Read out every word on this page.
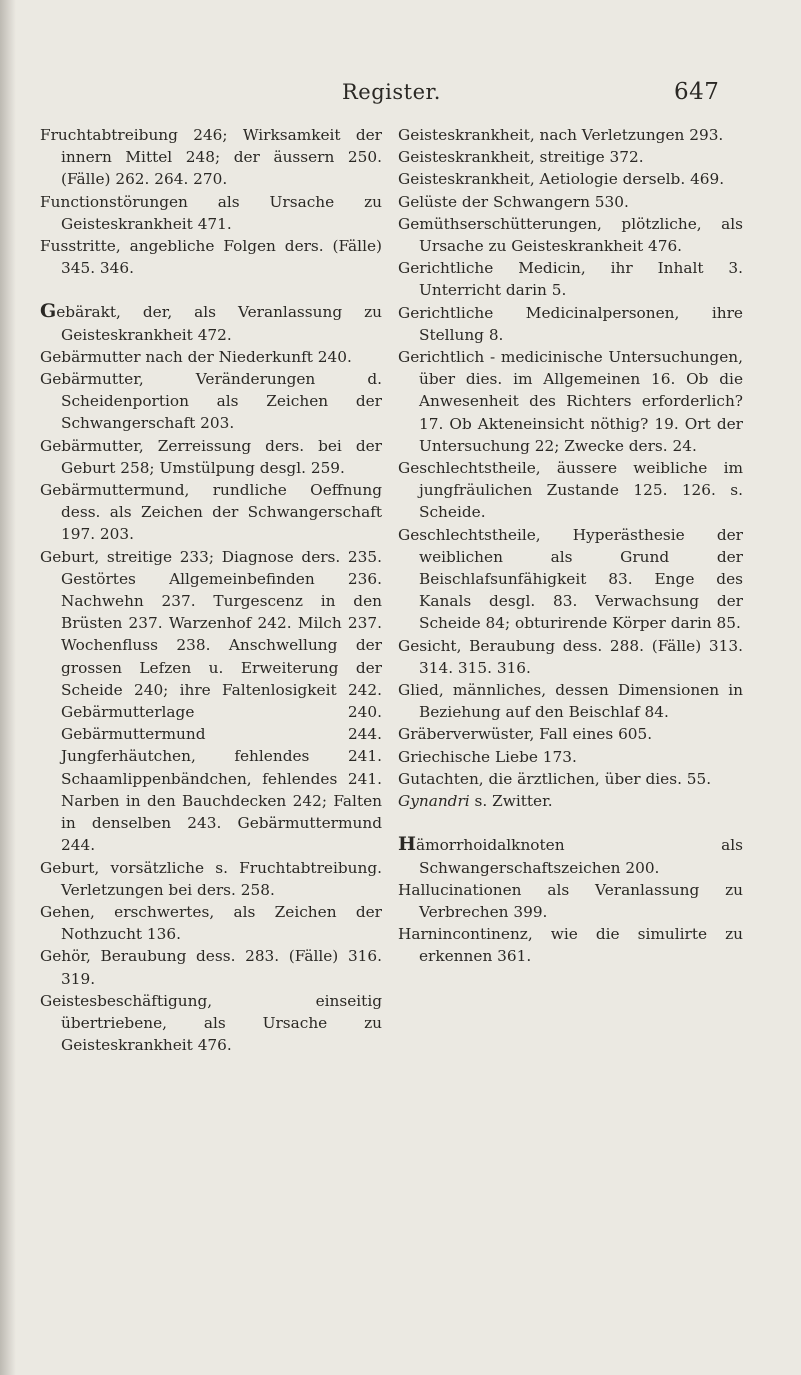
Register.	647

Fruchtabtreibung 246; Wirksamkeit der innern Mittel 248; der äussern 250. (Fälle) 262. 264. 270.

Functionstörungen als Ursache zu Geisteskrankheit 471.

Fusstritte, angebliche Folgen ders. (Fälle) 345. 346.

Gebärakt, der, als Veranlassung zu Geisteskrankheit 472.

Gebärmutter nach der Niederkunft 240.

Gebärmutter, Veränderungen d. Scheidenportion als Zeichen der Schwangerschaft 203.

Gebärmutter, Zerreissung ders. bei der Geburt 258; Umstülpung desgl. 259.

Gebärmuttermund, rundliche Oeffnung dess. als Zeichen der Schwangerschaft 197. 203.

Geburt, streitige 233; Diagnose ders. 235. Gestörtes Allgemeinbefinden 236. Nachwehn 237. Turgescenz in den Brüsten 237. Warzenhof 242. Milch 237. Wochenfluss 238. Anschwellung der grossen Lefzen u. Erweiterung der Scheide 240; ihre Faltenlosigkeit 242. Gebärmutterlage 240. Gebärmuttermund 244. Jungferhäutchen, fehlendes 241. Schaamlippenbändchen, fehlendes 241. Narben in den Bauchdecken 242; Falten in denselben 243. Gebärmuttermund 244.

Geburt, vorsätzliche s. Fruchtabtreibung. Verletzungen bei ders. 258.

Gehen, erschwertes, als Zeichen der Nothzucht 136.

Gehör, Beraubung dess. 283. (Fälle) 316. 319.

Geistesbeschäftigung, einseitig übertriebene, als Ursache zu Geisteskrankheit 476.

Geisteskrankheit, nach Verletzungen 293.

Geisteskrankheit, streitige 372.

Geisteskrankheit, Aetiologie derselb. 469.

Gelüste der Schwangern 530.

Gemüthserschütterungen, plötzliche, als Ursache zu Geisteskrankheit 476.

Gerichtliche Medicin, ihr Inhalt 3. Unterricht darin 5.

Gerichtliche Medicinalpersonen, ihre Stellung 8.

Gerichtlich - medicinische Untersuchungen, über dies. im Allgemeinen 16. Ob die Anwesenheit des Richters erforderlich? 17. Ob Akteneinsicht nöthig? 19. Ort der Untersuchung 22; Zwecke ders. 24.

Geschlechtstheile, äussere weibliche im jungfräulichen Zustande 125. 126. s. Scheide.

Geschlechtstheile, Hyperästhesie der weiblichen als Grund der Beischlafsunfähigkeit 83. Enge des Kanals desgl. 83. Verwachsung der Scheide 84; obturirende Körper darin 85.

Gesicht, Beraubung dess. 288. (Fälle) 313. 314. 315. 316.

Glied, männliches, dessen Dimensionen in Beziehung auf den Beischlaf 84.

Gräberverwüster, Fall eines 605.

Griechische Liebe 173.

Gutachten, die ärztlichen, über dies. 55.

Gynandri s. Zwitter.

Hämorrhoidalknoten als Schwangerschaftszeichen 200.

Hallucinationen als Veranlassung zu Verbrechen 399.

Harnincontinenz, wie die simulirte zu erkennen 361.
